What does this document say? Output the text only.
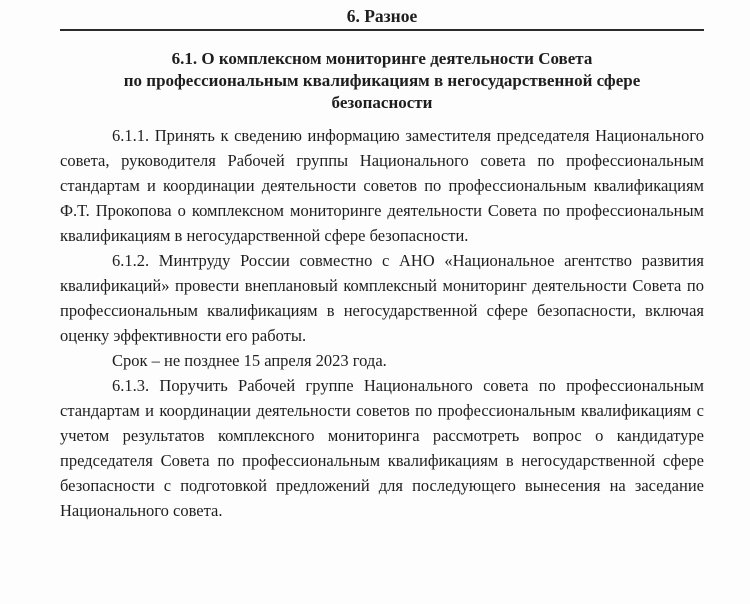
6. Разное
6.1. О комплексном мониторинге деятельности Совета
по профессиональным квалификациям в негосударственной сфере
безопасности

6.1.1. Принять к сведению информацию заместителя председателя Национального совета, руководителя Рабочей группы Национального совета по профессиональным стандартам и координации деятельности советов по профессиональным квалификациям Ф.Т. Прокопова о комплексном мониторинге деятельности Совета по профессиональным квалификациям в негосударственной сфере безопасности.

6.1.2. Минтруду России совместно с АНО «Национальное агентство развития квалификаций» провести внеплановый комплексный мониторинг деятельности Совета по профессиональным квалификациям в негосударственной сфере безопасности, включая оценку эффективности его работы.

Срок – не позднее 15 апреля 2023 года.

6.1.3. Поручить Рабочей группе Национального совета по профессиональным стандартам и координации деятельности советов по профессиональным квалификациям с учетом результатов комплексного мониторинга рассмотреть вопрос о кандидатуре председателя Совета по профессиональным квалификациям в негосударственной сфере безопасности с подготовкой предложений для последующего вынесения на заседание Национального совета.
